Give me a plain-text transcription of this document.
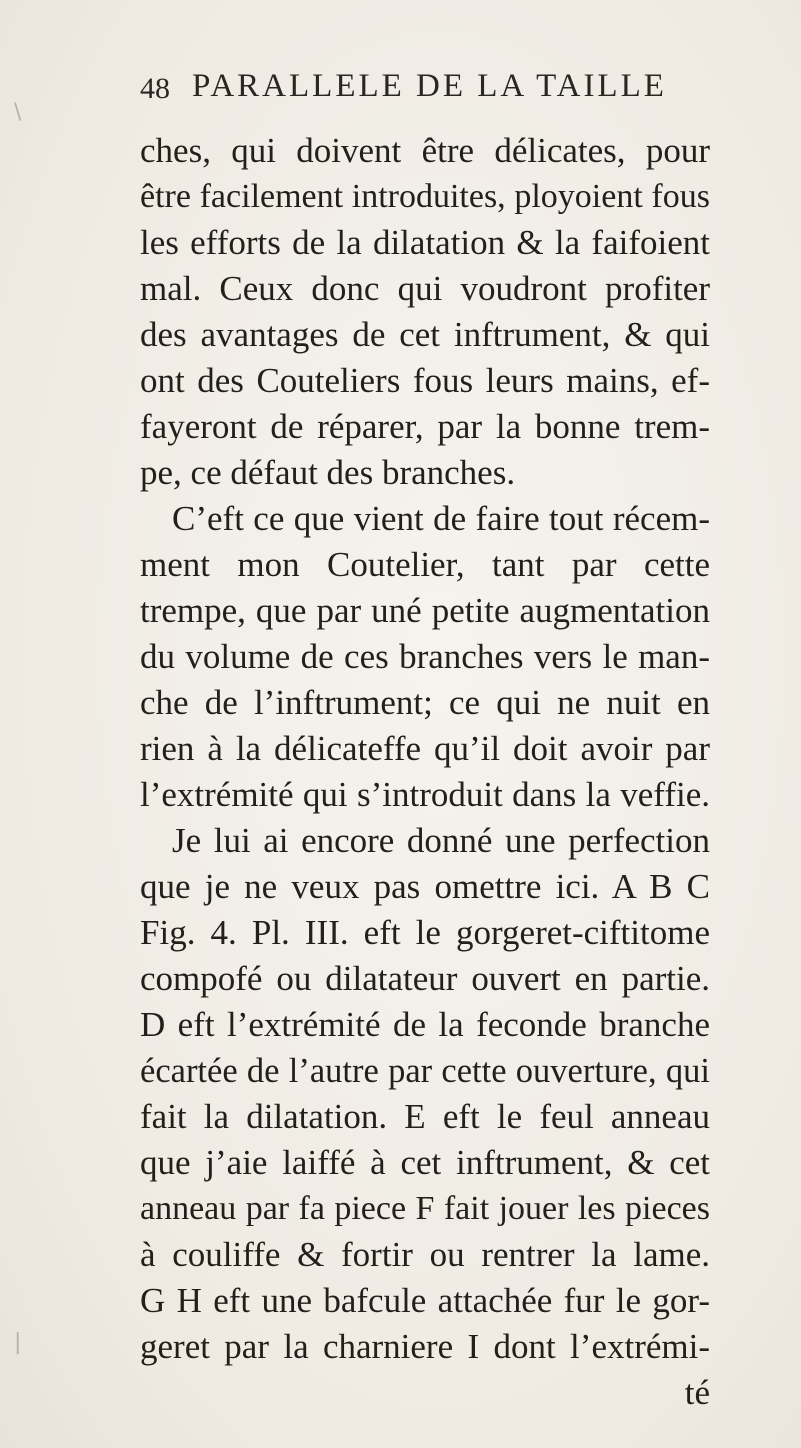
\
|
48 PARALLELE DE LA TAILLE
ches, qui doivent être délicates, pour
être facilement introduites, ployoient fous
les efforts de la dilatation & la faifoient
mal. Ceux donc qui voudront profiter
des avantages de cet inftrument, & qui
ont des Couteliers fous leurs mains, ef-
fayeront de réparer, par la bonne trem-
pe, ce défaut des branches.
C’eft ce que vient de faire tout récem-
ment mon Coutelier, tant par cette
trempe, que par uné petite augmentation
du volume de ces branches vers le man-
che de l’inftrument; ce qui ne nuit en
rien à la délicateffe qu’il doit avoir par
l’extrémité qui s’introduit dans la veffie.
Je lui ai encore donné une perfection
que je ne veux pas omettre ici. A B C
Fig. 4. Pl. III. eft le gorgeret-ciftitome
compofé ou dilatateur ouvert en partie.
D eft l’extrémité de la feconde branche
écartée de l’autre par cette ouverture, qui
fait la dilatation. E eft le feul anneau
que j’aie laiffé à cet inftrument, & cet
anneau par fa piece F fait jouer les pieces
à couliffe & fortir ou rentrer la lame.
G H eft une bafcule attachée fur le gor-
geret par la charniere I dont l’extrémi-
té
